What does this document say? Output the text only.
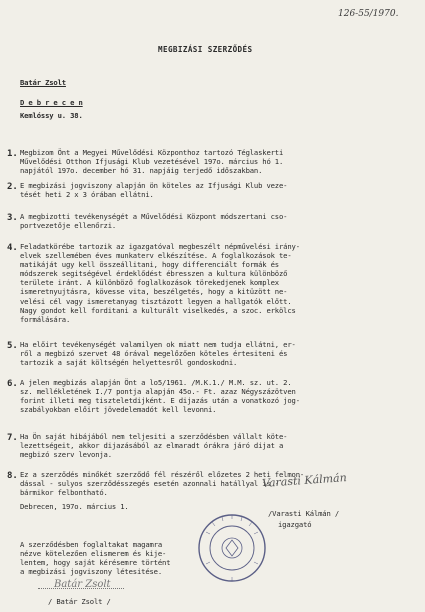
126-55/1970.
MEGBIZÁSI SZERZŐDÉS
Batár Zsolt
D e b r e c e n
Kemlóssy u. 38.
1. Megbizom Önt a Megyei Művelődési Központhoz tartozó Téglaskerti
Művelődési Otthon Ifjusági Klub vezetésével 197o. március hó 1.
napjától 197o. december hó 31. napjáig terjedő időszakban.
2. E megbizási jogviszony alapján ön köteles az Ifjusági Klub veze-
tését heti 2 x 3 órában ellátni.
3. A megbizotti tevékenységét a Művelődési Központ módszertani cso-
portvezetője ellenőrzi.
4. Feladatkörébe tartozik az igazgatóval megbeszélt népművelési irány-
elvek szellemében éves munkaterv elkészítése. A foglalkozások te-
matikáját ugy kell összeállitani, hogy differenciált formák és
módszerek segitségével érdeklődést ébresszen a kultura különböző
területe iránt. A különböző foglalkozások törekedjenek komplex
ismeretnyujtásra, kövesse vita, beszélgetés, hogy a kitüzött ne-
velési cél vagy ismeretanyag tisztázott legyen a hallgatók előtt.
Nagy gondot kell forditani a kulturált viselkedés, a szoc. erkölcs
formálására.
5. Ha előirt tevékenységét valamilyen ok miatt nem tudja ellátni, er-
ről a megbizó szervet 48 órával megelőzően köteles értesiteni és
tartozik a saját költségén helyettesről gondoskodni.
6. A jelen megbizás alapján Önt a lo5/1961. /M.K.1./ M.M. sz. ut. 2.
sz. mellékletének I./7 pontja alapján 45o.- Ft. azaz Négyszázötven
forint illeti meg tiszteletdijként. E dijazás után a vonatkozó jog-
szabályokban előirt jövedelemadót kell levonni.
7. Ha Ön saját hibájából nem teljesiti a szerződésben vállalt köte-
lezettségeit, akkor dijazásából az elmaradt órákra járó dijat a
megbizó szerv levonja.
8. Ez a szerződés minőkét szerződő fél részéről előzetes 2 heti felmon-
dással - sulyos szerződésszegés esetén azonnali hatállyal is -
bármikor felbontható.
Debrecen, 197o. március 1.
Varasti Kálmán
/Varasti Kálmán /
igazgató
A szerződésben foglaltakat magamra
nézve kötelezően elismerem és kije-
lentem, hogy saját kérésemre történt
a megbizási jogviszony létesitése.
Batár Zsolt
/ Batár Zsolt /
